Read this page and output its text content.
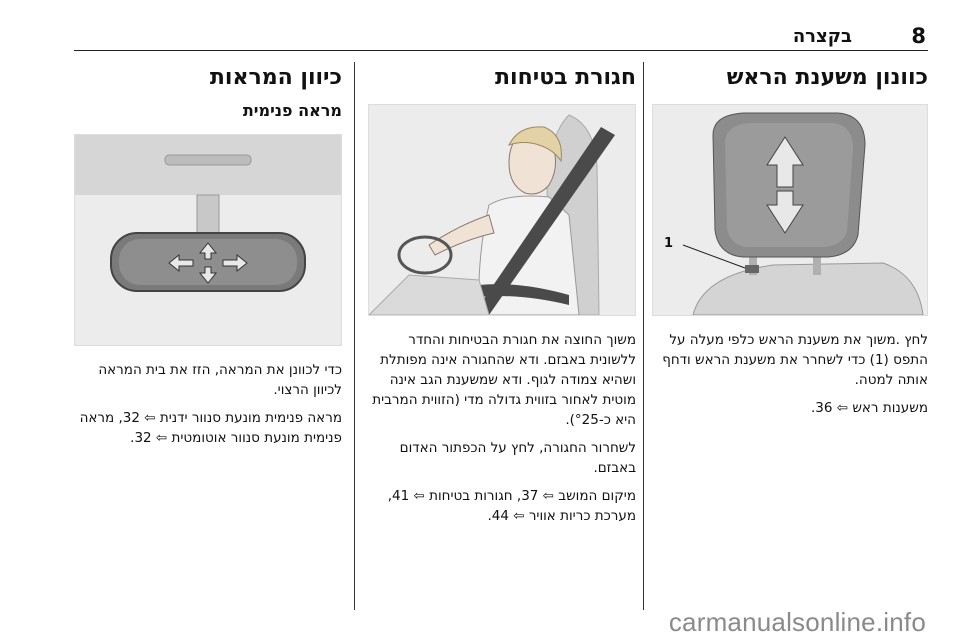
בקצרה	8
כוונון משענת הראש
1

לחץ .משוך את משענת הראש כלפי מעלה על התפס (1) כדי לשחרר את משענת הראש ודחף אותה למטה.

משענות ראש ⇦ 36.

חגורת בטיחות

משוך החוצה את חגורת הבטיחות והחדר ללשונית באבזם. ודא שהחגורה אינה מפותלת ושהיא צמודה לגוף. ודא שמשענת הגב אינה מוטית לאחור בזווית גדולה מדי (הזווית המרבית היא כ-°25).

לשחרור החגורה, לחץ על הכפתור האדום באבזם.

מיקום המושב ⇦ 37, חגורות בטיחות ⇦ 41, מערכת כריות אוויר ⇦ 44.

כיוון המראות
מראה פנימית

כדי לכוונן את המראה, הזז את בית המראה לכיוון הרצוי.

מראה פנימית מונעת סנוור ידנית ⇦ 32, מראה פנימית מונעת סנוור אוטומטית ⇦ 32.

carmanualsonline.info
